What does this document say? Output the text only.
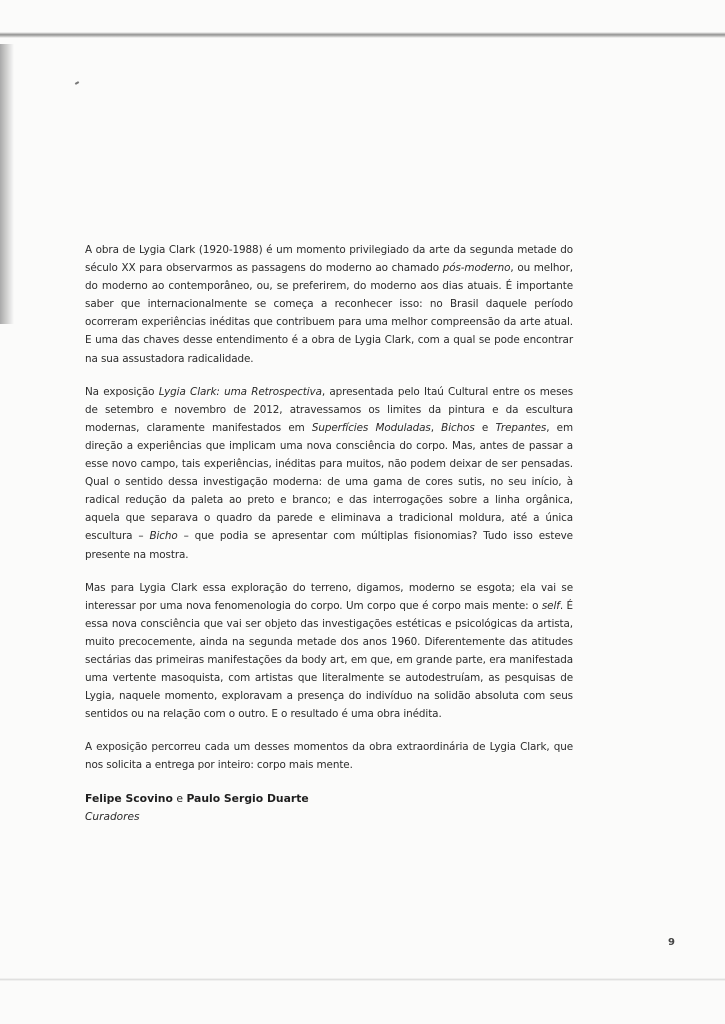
A obra de Lygia Clark (1920-1988) é um momento privilegiado da arte da segunda metade do século XX para observarmos as passagens do moderno ao chamado pós-moderno, ou melhor, do moderno ao contemporâneo, ou, se preferirem, do moderno aos dias atuais. É importante saber que internacionalmente se começa a reconhecer isso: no Brasil daquele período ocorreram experiências inéditas que contribuem para uma melhor compreensão da arte atual. E uma das chaves desse entendimento é a obra de Lygia Clark, com a qual se pode encontrar na sua assustadora radicalidade.

Na exposição Lygia Clark: uma Retrospectiva, apresentada pelo Itaú Cultural entre os meses de setembro e novembro de 2012, atravessamos os limites da pintura e da escultura modernas, claramente manifestados em Superfícies Moduladas, Bichos e Trepantes, em direção a experiências que implicam uma nova consciência do corpo. Mas, antes de passar a esse novo campo, tais experiências, inéditas para muitos, não podem deixar de ser pensadas. Qual o sentido dessa investigação moderna: de uma gama de cores sutis, no seu início, à radical redução da paleta ao preto e branco; e das interrogações sobre a linha orgânica, aquela que separava o quadro da parede e eliminava a tradicional moldura, até a única escultura – Bicho – que podia se apresentar com múltiplas fisionomias? Tudo isso esteve presente na mostra.

Mas para Lygia Clark essa exploração do terreno, digamos, moderno se esgota; ela vai se interessar por uma nova fenomenologia do corpo. Um corpo que é corpo mais mente: o self. É essa nova consciência que vai ser objeto das investigações estéticas e psicológicas da artista, muito precocemente, ainda na segunda metade dos anos 1960. Diferentemente das atitudes sectárias das primeiras manifestações da body art, em que, em grande parte, era manifestada uma vertente masoquista, com artistas que literalmente se autodestruíam, as pesquisas de Lygia, naquele momento, exploravam a presença do indivíduo na solidão absoluta com seus sentidos ou na relação com o outro. E o resultado é uma obra inédita.

A exposição percorreu cada um desses momentos da obra extraordinária de Lygia Clark, que nos solicita a entrega por inteiro: corpo mais mente.

Felipe Scovino e Paulo Sergio Duarte
Curadores
9
